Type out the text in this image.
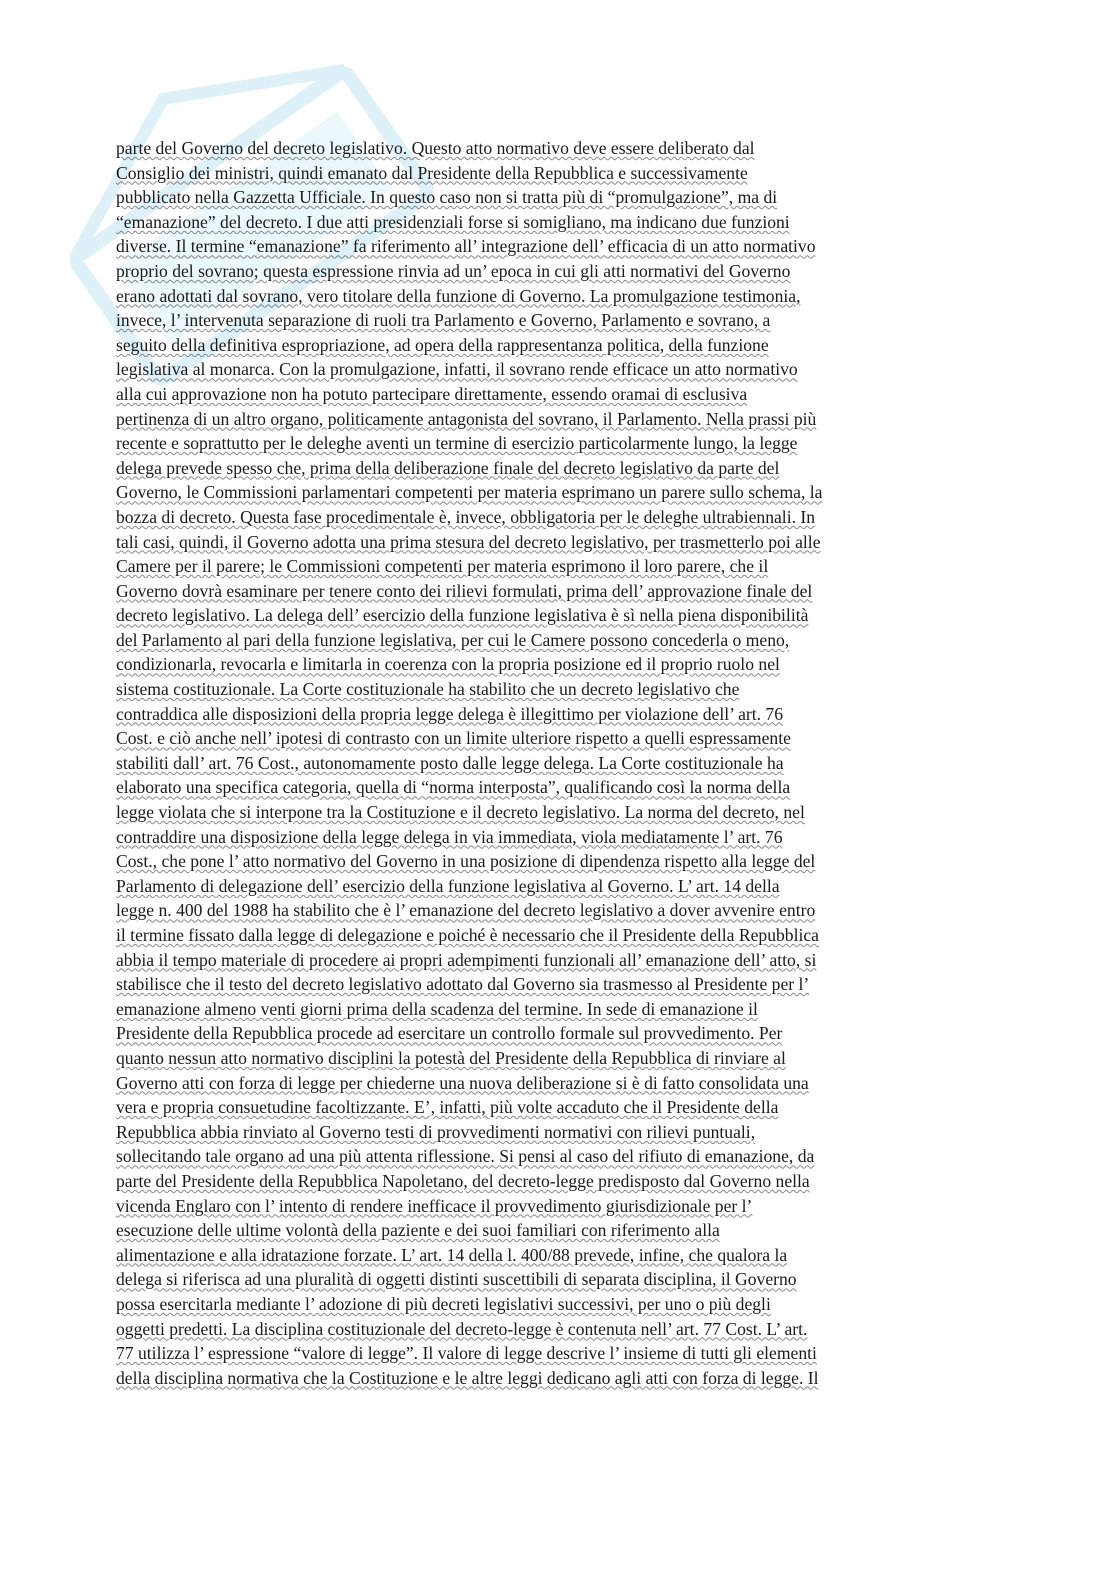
parte del Governo del decreto legislativo. Questo atto normativo deve essere deliberato dal
Consiglio dei ministri, quindi emanato dal Presidente della Repubblica e successivamente
pubblicato nella Gazzetta Ufficiale. In questo caso non si tratta più di “promulgazione”, ma di
“emanazione” del decreto. I due atti presidenziali forse si somigliano, ma indicano due funzioni
diverse. Il termine “emanazione” fa riferimento all’ integrazione dell’ efficacia di un atto normativo
proprio del sovrano; questa espressione rinvia ad un’ epoca in cui gli atti normativi del Governo
erano adottati dal sovrano, vero titolare della funzione di Governo. La promulgazione testimonia,
invece, l’ intervenuta separazione di ruoli tra Parlamento e Governo, Parlamento e sovrano, a
seguito della definitiva espropriazione, ad opera della rappresentanza politica, della funzione
legislativa al monarca. Con la promulgazione, infatti, il sovrano rende efficace un atto normativo
alla cui approvazione non ha potuto partecipare direttamente, essendo oramai di esclusiva
pertinenza di un altro organo, politicamente antagonista del sovrano, il Parlamento. Nella prassi più
recente e soprattutto per le deleghe aventi un termine di esercizio particolarmente lungo, la legge
delega prevede spesso che, prima della deliberazione finale del decreto legislativo da parte del
Governo, le Commissioni parlamentari competenti per materia esprimano un parere sullo schema, la
bozza di decreto. Questa fase procedimentale è, invece, obbligatoria per le deleghe ultrabiennali. In
tali casi, quindi, il Governo adotta una prima stesura del decreto legislativo, per trasmetterlo poi alle
Camere per il parere; le Commissioni competenti per materia esprimono il loro parere, che il
Governo dovrà esaminare per tenere conto dei rilievi formulati, prima dell’ approvazione finale del
decreto legislativo. La delega dell’ esercizio della funzione legislativa è sì nella piena disponibilità
del Parlamento al pari della funzione legislativa, per cui le Camere possono concederla o meno,
condizionarla, revocarla e limitarla in coerenza con la propria posizione ed il proprio ruolo nel
sistema costituzionale. La Corte costituzionale ha stabilito che un decreto legislativo che
contraddica alle disposizioni della propria legge delega è illegittimo per violazione dell’ art. 76
Cost. e ciò anche nell’ ipotesi di contrasto con un limite ulteriore rispetto a quelli espressamente
stabiliti dall’ art. 76 Cost., autonomamente posto dalle legge delega. La Corte costituzionale ha
elaborato una specifica categoria, quella di “norma interposta”, qualificando così la norma della
legge violata che si interpone tra la Costituzione e il decreto legislativo. La norma del decreto, nel
contraddire una disposizione della legge delega in via immediata, viola mediatamente l’ art. 76
Cost., che pone l’ atto normativo del Governo in una posizione di dipendenza rispetto alla legge del
Parlamento di delegazione dell’ esercizio della funzione legislativa al Governo. L’ art. 14 della
legge n. 400 del 1988 ha stabilito che è l’ emanazione del decreto legislativo a dover avvenire entro
il termine fissato dalla legge di delegazione e poiché è necessario che il Presidente della Repubblica
abbia il tempo materiale di procedere ai propri adempimenti funzionali all’ emanazione dell’ atto, si
stabilisce che il testo del decreto legislativo adottato dal Governo sia trasmesso al Presidente per l’
emanazione almeno venti giorni prima della scadenza del termine. In sede di emanazione il
Presidente della Repubblica procede ad esercitare un controllo formale sul provvedimento. Per
quanto nessun atto normativo disciplini la potestà del Presidente della Repubblica di rinviare al
Governo atti con forza di legge per chiederne una nuova deliberazione si è di fatto consolidata una
vera e propria consuetudine facoltizzante. E’, infatti, più volte accaduto che il Presidente della
Repubblica abbia rinviato al Governo testi di provvedimenti normativi con rilievi puntuali,
sollecitando tale organo ad una più attenta riflessione. Si pensi al caso del rifiuto di emanazione, da
parte del Presidente della Repubblica Napoletano, del decreto-legge predisposto dal Governo nella
vicenda Englaro con l’ intento di rendere inefficace il provvedimento giurisdizionale per l’
esecuzione delle ultime volontà della paziente e dei suoi familiari con riferimento alla
alimentazione e alla idratazione forzate. L’ art. 14 della l. 400/88 prevede, infine, che qualora la
delega si riferisca ad una pluralità di oggetti distinti suscettibili di separata disciplina, il Governo
possa esercitarla mediante l’ adozione di più decreti legislativi successivi, per uno o più degli
oggetti predetti. La disciplina costituzionale del decreto-legge è contenuta nell’ art. 77 Cost. L’ art.
77 utilizza l’ espressione “valore di legge”. Il valore di legge descrive l’ insieme di tutti gli elementi
della disciplina normativa che la Costituzione e le altre leggi dedicano agli atti con forza di legge. Il
